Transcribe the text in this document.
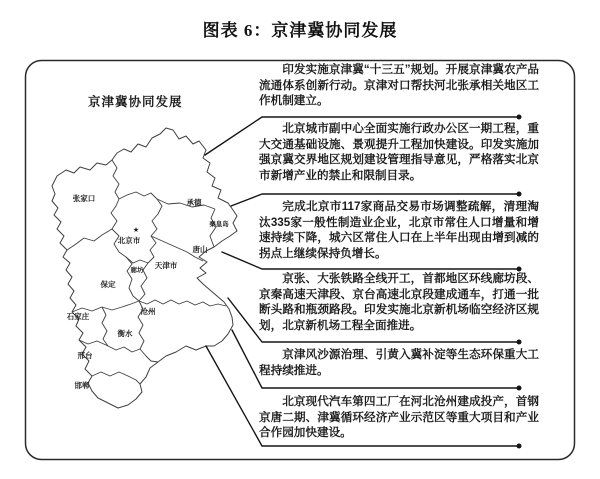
图表 6：京津冀协同发展
★
张家口	承德
秦皇岛
北京市
唐山
廊坊
天津市
保定
石家庄
沧州
衡水
邢台
邯郸
京津冀协同发展
印发实施京津冀“十三五”规划。开展京津冀农产品流通体系创新行动。京津对口帮扶河北张承相关地区工作机制建立。
北京城市副中心全面实施行政办公区一期工程，重大交通基础设施、景观提升工程加快建设。印发实施加强京冀交界地区规划建设管理指导意见，严格落实北京市新增产业的禁止和限制目录。
完成北京市117家商品交易市场调整疏解，清理淘汰335家一般性制造业企业，北京市常住人口增量和增速持续下降，城六区常住人口在上半年出现由增到减的拐点上继续保持负增长。
京张、大张铁路全线开工，首都地区环线廊坊段、京秦高速天津段、京台高速北京段建成通车，打通一批断头路和瓶颈路段。印发实施北京新机场临空经济区规划，北京新机场工程全面推进。
京津风沙源治理、引黄入冀补淀等生态环保重大工程持续推进。
北京现代汽车第四工厂在河北沧州建成投产，首钢京唐二期、津冀循环经济产业示范区等重大项目和产业合作园加快建设。
